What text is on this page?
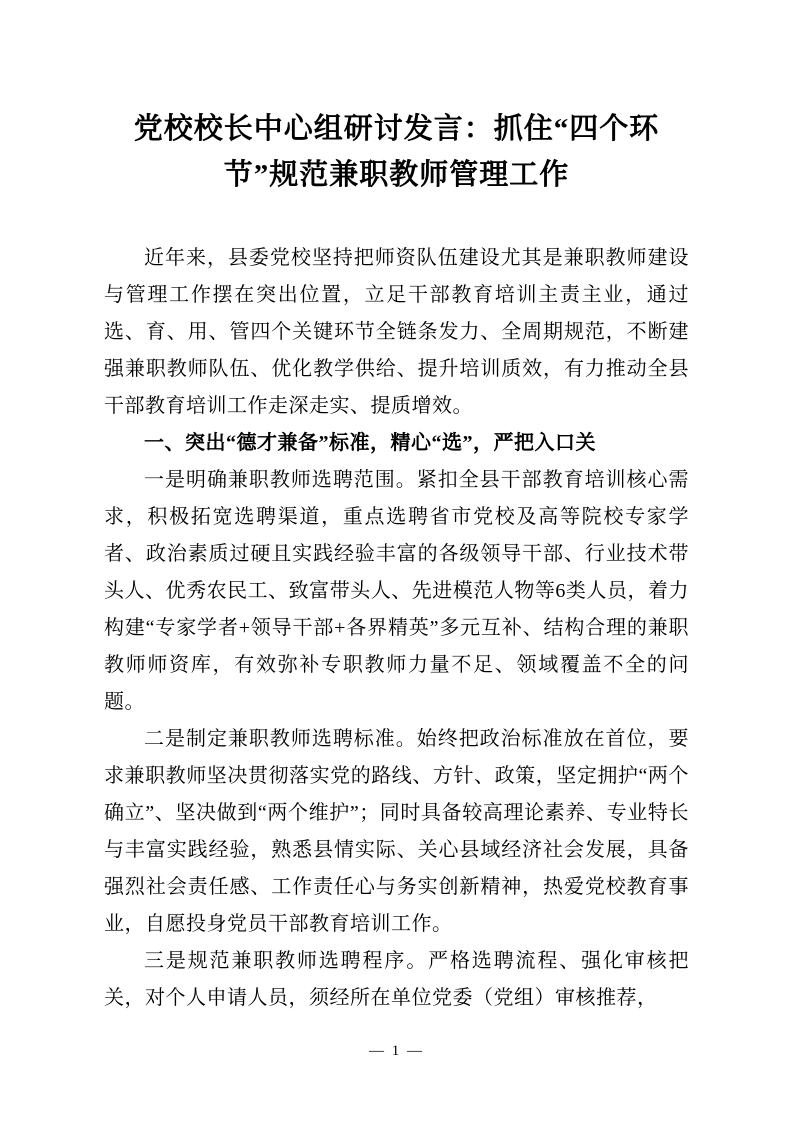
党校校长中心组研讨发言：抓住“四个环节”规范兼职教师管理工作

近年来，县委党校坚持把师资队伍建设尤其是兼职教师建设与管理工作摆在突出位置，立足干部教育培训主责主业，通过选、育、用、管四个关键环节全链条发力、全周期规范，不断建强兼职教师队伍、优化教学供给、提升培训质效，有力推动全县干部教育培训工作走深走实、提质增效。

一、突出“德才兼备”标准，精心“选”，严把入口关

一是明确兼职教师选聘范围。紧扣全县干部教育培训核心需求，积极拓宽选聘渠道，重点选聘省市党校及高等院校专家学者、政治素质过硬且实践经验丰富的各级领导干部、行业技术带头人、优秀农民工、致富带头人、先进模范人物等6类人员，着力构建“专家学者+领导干部+各界精英”多元互补、结构合理的兼职教师师资库，有效弥补专职教师力量不足、领域覆盖不全的问题。

二是制定兼职教师选聘标准。始终把政治标准放在首位，要求兼职教师坚决贯彻落实党的路线、方针、政策，坚定拥护“两个确立”、坚决做到“两个维护”；同时具备较高理论素养、专业特长与丰富实践经验，熟悉县情实际、关心县域经济社会发展，具备强烈社会责任感、工作责任心与务实创新精神，热爱党校教育事业，自愿投身党员干部教育培训工作。

三是规范兼职教师选聘程序。严格选聘流程、强化审核把关，对个人申请人员，须经所在单位党委（党组）审核推荐，

— 1 —
